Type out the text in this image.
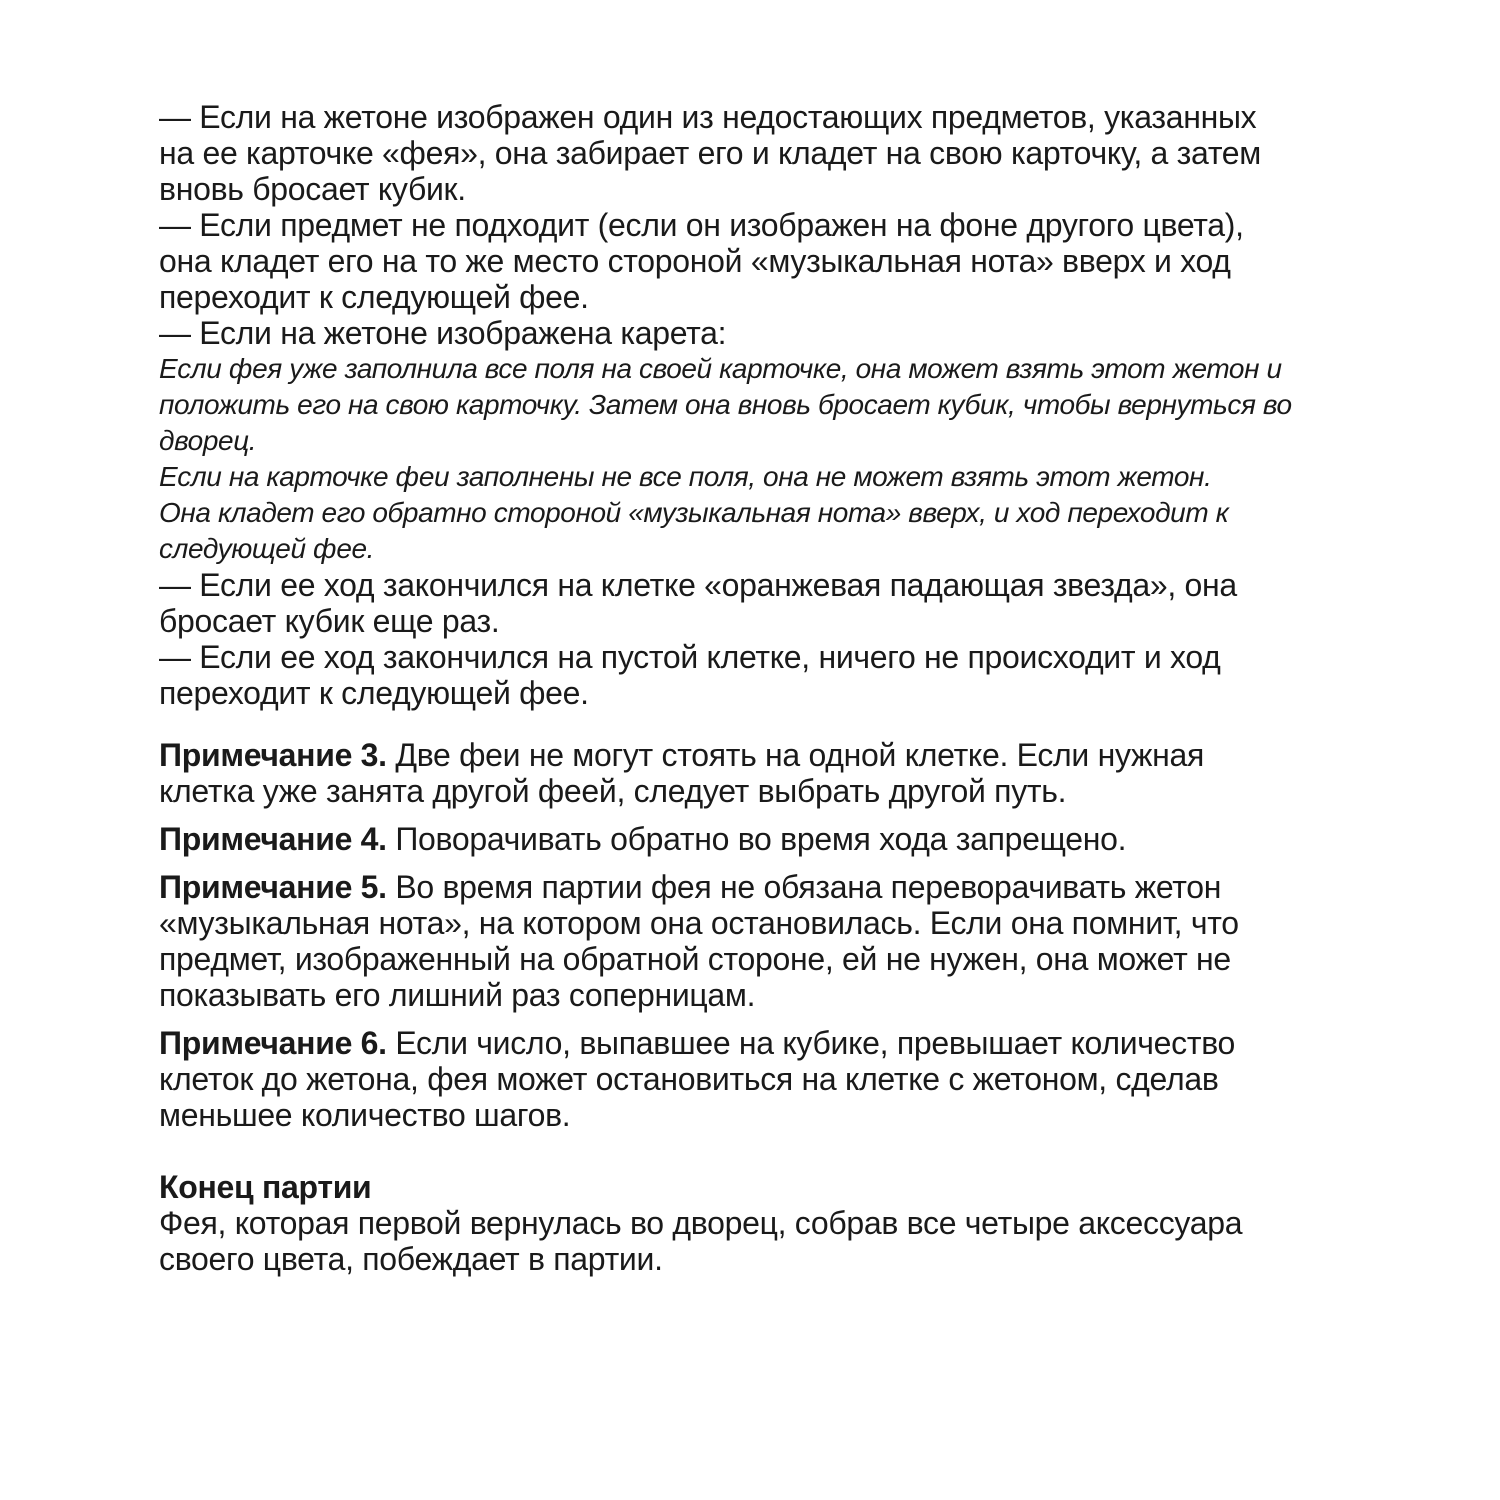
— Если на жетоне изображен один из недостающих предметов, указанных

на ее карточке «фея», она забирает его и кладет на свою карточку, а затем

вновь бросает кубик.

— Если предмет не подходит (если он изображен на фоне другого цвета),

она кладет его на то же место стороной «музыкальная нота» вверх и ход

переходит к следующей фее.

— Если на жетоне изображена карета:

Если фея уже заполнила все поля на своей карточке, она может взять этот жетон и

положить его на свою карточку. Затем она вновь бросает кубик, чтобы вернуться во

дворец.

Если на карточке феи заполнены не все поля, она не может взять этот жетон.

Она кладет его обратно стороной «музыкальная нота» вверх, и ход переходит к

следующей фее.

— Если ее ход закончился на клетке «оранжевая падающая звезда», она

бросает кубик еще раз.

— Если ее ход закончился на пустой клетке, ничего не происходит и ход

переходит к следующей фее.

Примечание 3. Две феи не могут стоять на одной клетке. Если нужная

клетка уже занята другой феей, следует выбрать другой путь.

Примечание 4. Поворачивать обратно во время хода запрещено.

Примечание 5. Во время партии фея не обязана переворачивать жетон

«музыкальная нота», на котором она остановилась. Если она помнит, что

предмет, изображенный на обратной стороне, ей не нужен, она может не

показывать его лишний раз соперницам.

Примечание 6. Если число, выпавшее на кубике, превышает количество

клеток до жетона, фея может остановиться на клетке с жетоном, сделав

меньшее количество шагов.

Конец партии

Фея, которая первой вернулась во дворец, собрав все четыре аксессуара

своего цвета, побеждает в партии.
